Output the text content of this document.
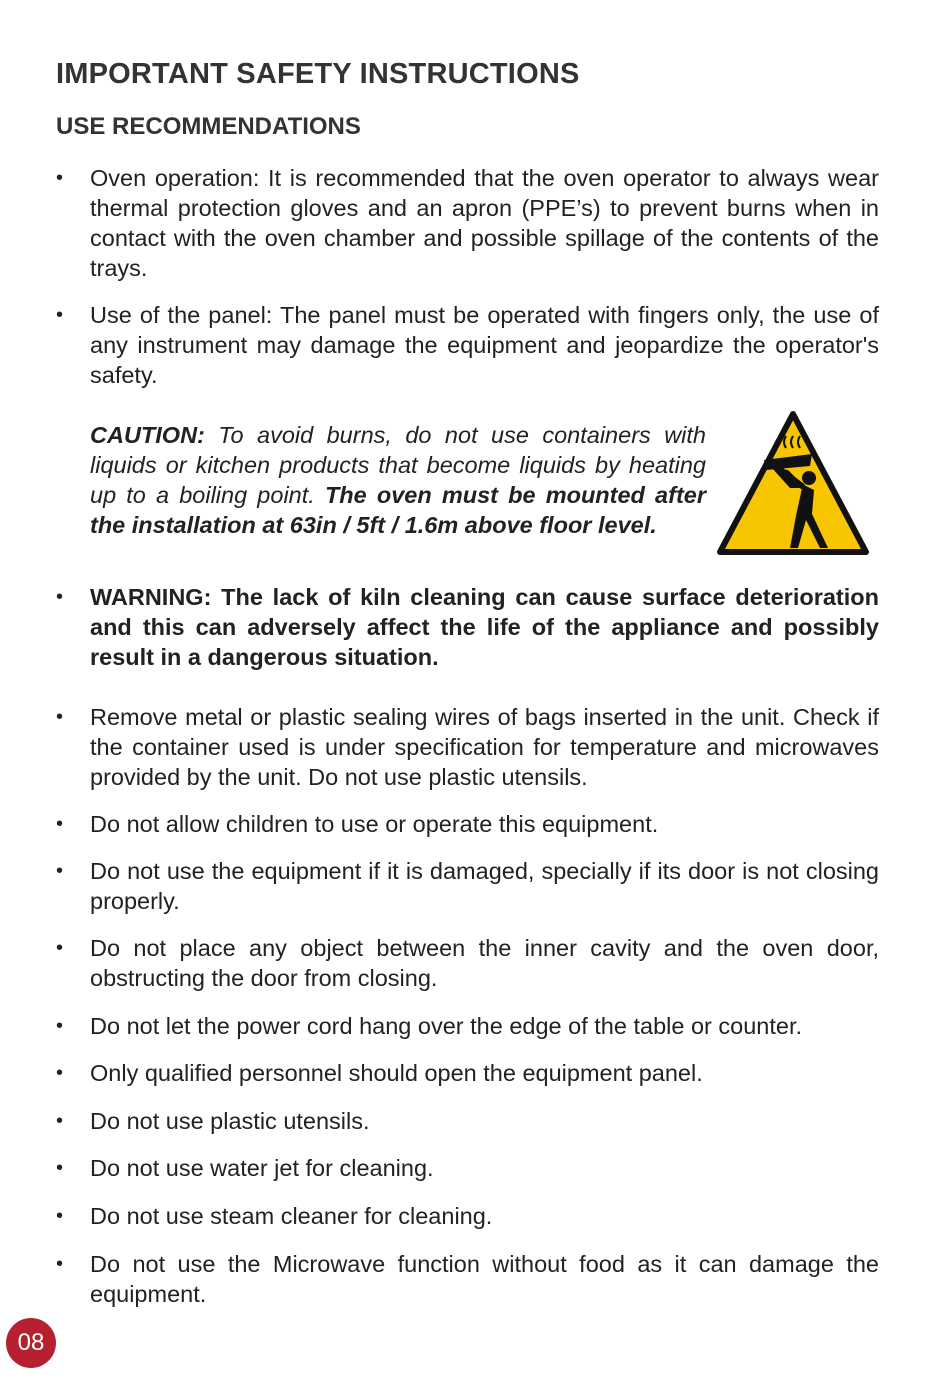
IMPORTANT SAFETY INSTRUCTIONS
USE RECOMMENDATIONS
• Oven operation: It is recommended that the oven operator to always wear thermal protection gloves and an apron (PPE’s) to prevent burns when in contact with the oven chamber and possible spillage of the contents of the trays.
• Use of the panel: The panel must be operated with fingers only, the use of any instrument may damage the equipment and jeopardize the operator's safety.
CAUTION: To avoid burns, do not use containers with liquids or kitchen products that become liquids by heating up to a boiling point. The oven must be mounted after the installation at 63in / 5ft / 1.6m above floor level.
• WARNING: The lack of kiln cleaning can cause surface deterioration and this can adversely affect the life of the appliance and possibly result in a dangerous situation.
• Remove metal or plastic sealing wires of bags inserted in the unit. Check if the container used is under specification for temperature and microwaves provided by the unit. Do not use plastic utensils.
• Do not allow children to use or operate this equipment.
• Do not use the equipment if it is damaged, specially if its door is not closing properly.
• Do not place any object between the inner cavity and the oven door, obstructing the door from closing.
• Do not let the power cord hang over the edge of the table or counter.
• Only qualified personnel should open the equipment panel.
• Do not use plastic utensils.
• Do not use water jet for cleaning.
• Do not use steam cleaner for cleaning.
• Do not use the Microwave function without food as it can damage the equipment.
08
